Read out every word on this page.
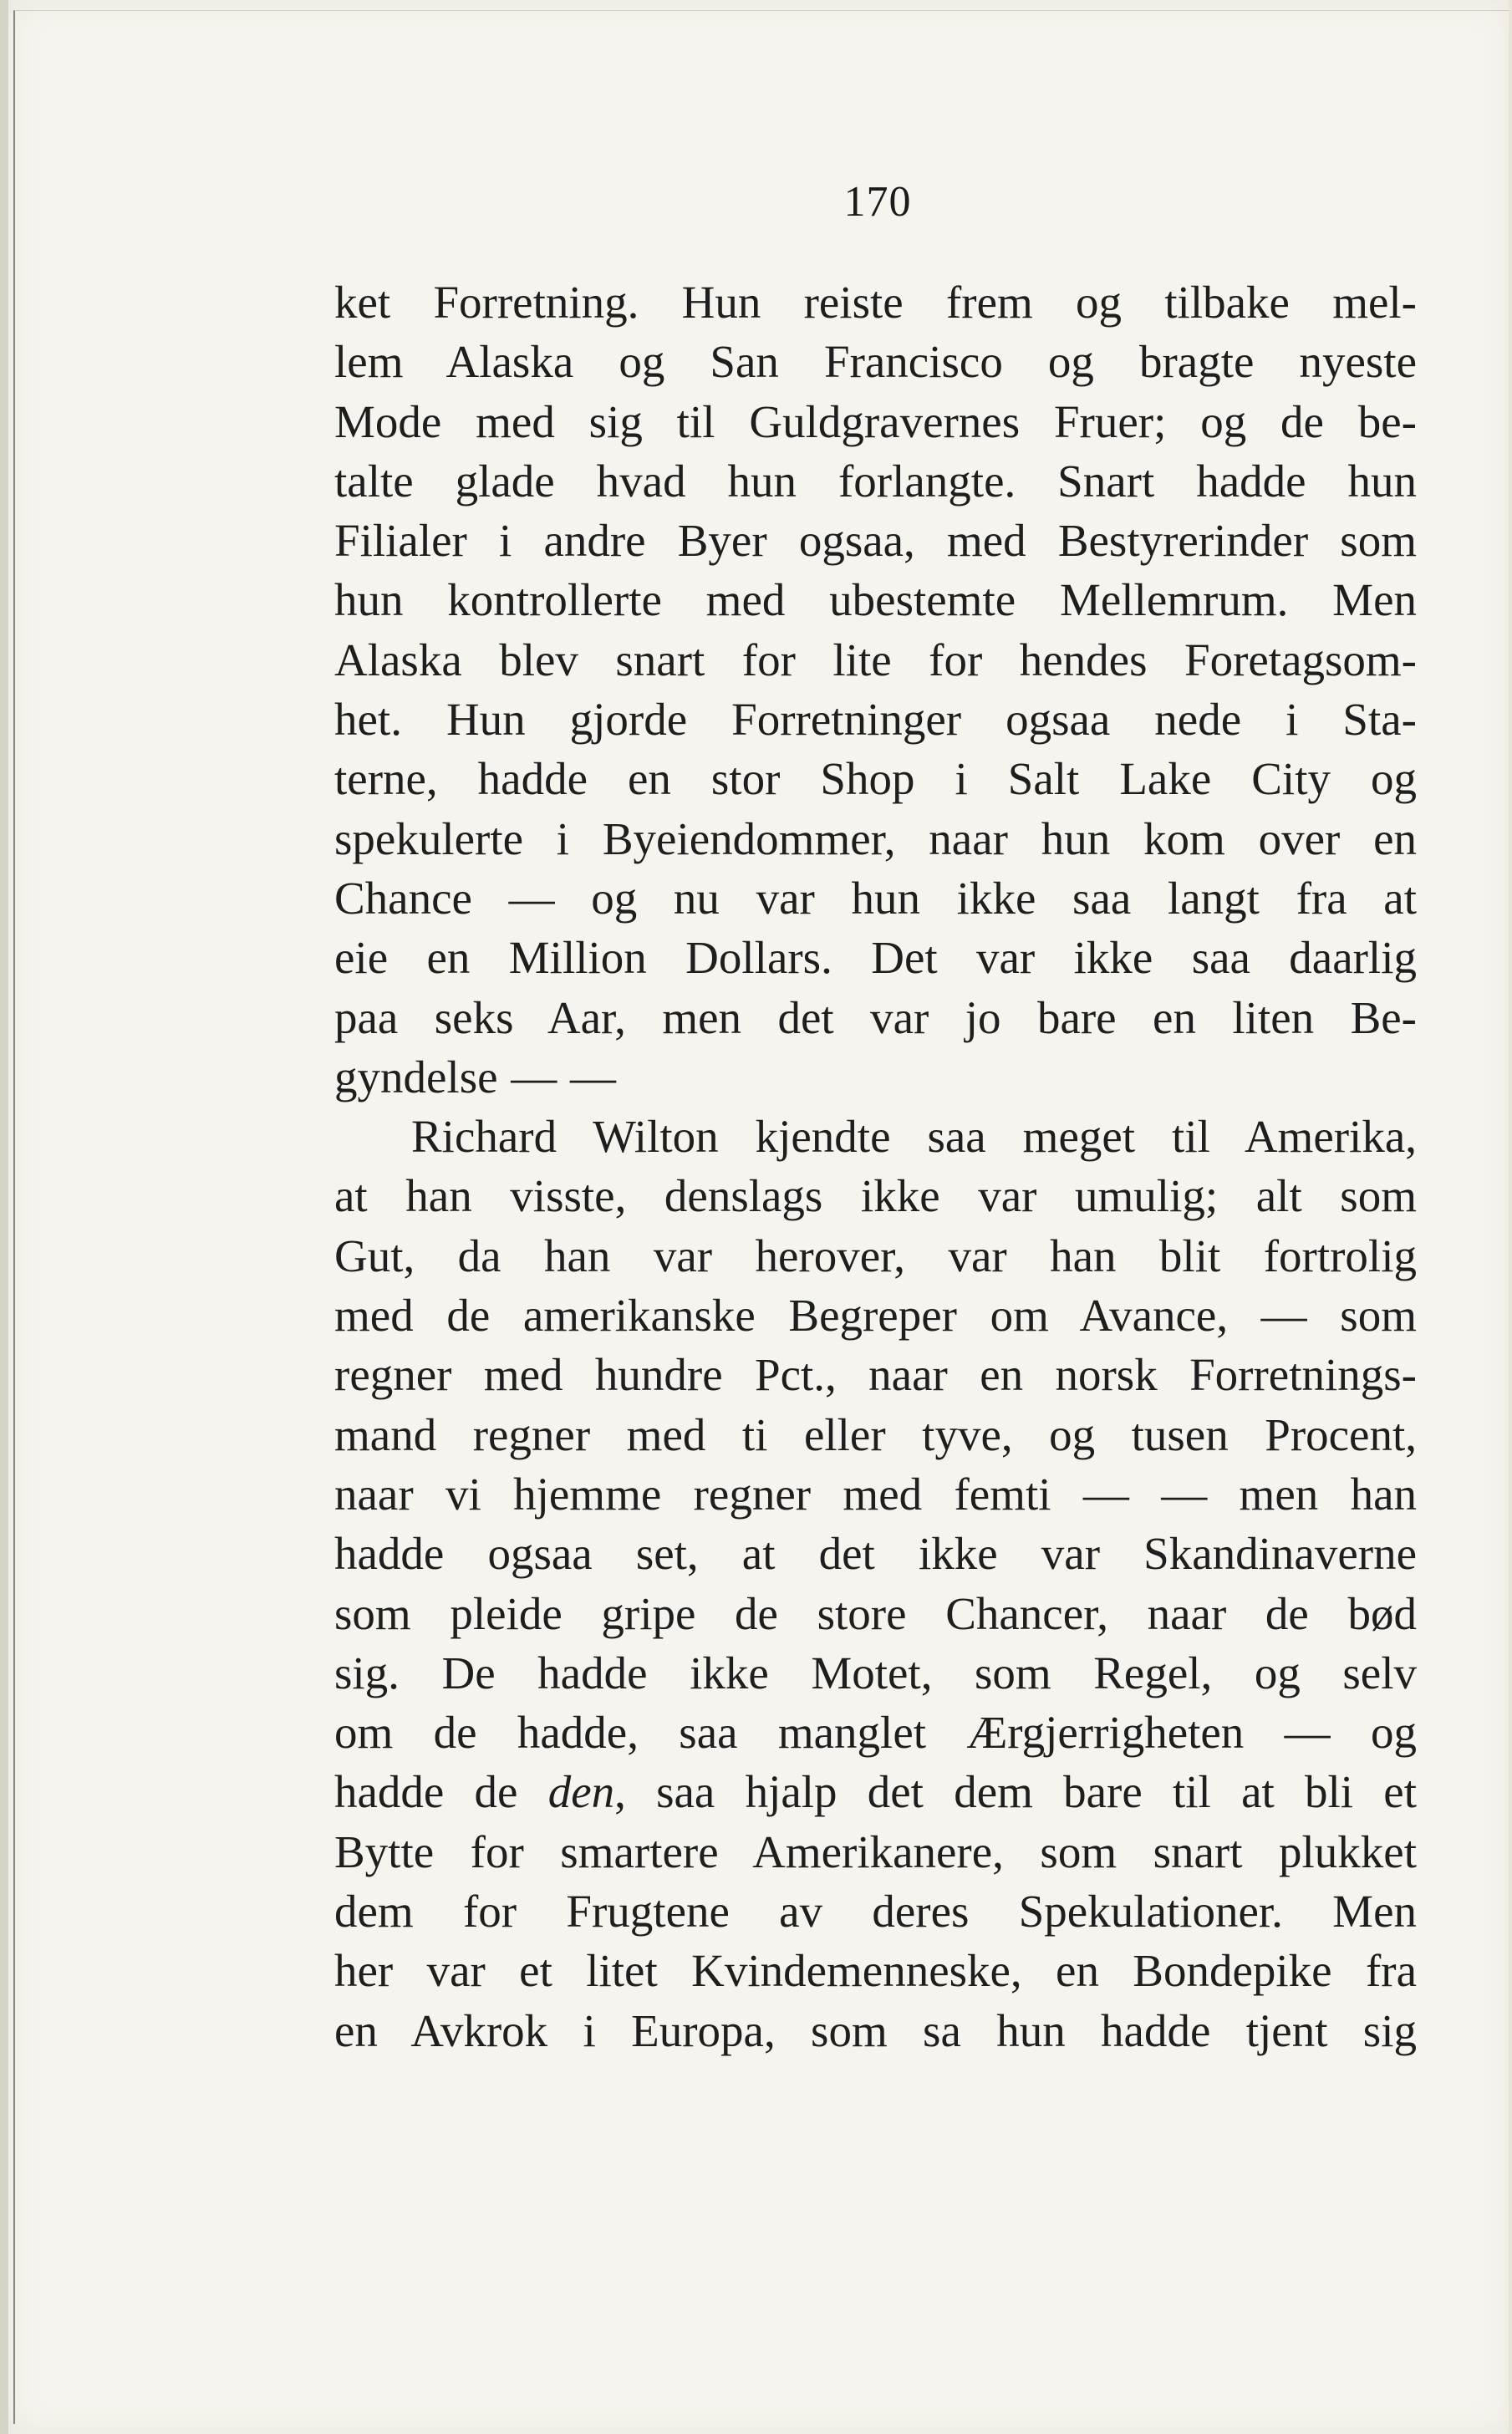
170
ket Forretning. Hun reiste frem og tilbake mel-
lem Alaska og San Francisco og bragte nyeste
Mode med sig til Guldgravernes Fruer; og de be-
talte glade hvad hun forlangte. Snart hadde hun
Filialer i andre Byer ogsaa, med Bestyrerinder som
hun kontrollerte med ubestemte Mellemrum. Men
Alaska blev snart for lite for hendes Foretagsom-
het. Hun gjorde Forretninger ogsaa nede i Sta-
terne, hadde en stor Shop i Salt Lake City og
spekulerte i Byeiendommer, naar hun kom over en
Chance — og nu var hun ikke saa langt fra at
eie en Million Dollars. Det var ikke saa daarlig
paa seks Aar, men det var jo bare en liten Be-
gyndelse — —
Richard Wilton kjendte saa meget til Amerika,
at han visste, denslags ikke var umulig; alt som
Gut, da han var herover, var han blit fortrolig
med de amerikanske Begreper om Avance, — som
regner med hundre Pct., naar en norsk Forretnings-
mand regner med ti eller tyve, og tusen Procent,
naar vi hjemme regner med femti — — men han
hadde ogsaa set, at det ikke var Skandinaverne
som pleide gripe de store Chancer, naar de bød
sig. De hadde ikke Motet, som Regel, og selv
om de hadde, saa manglet Ærgjerrigheten — og
hadde de den, saa hjalp det dem bare til at bli et
Bytte for smartere Amerikanere, som snart plukket
dem for Frugtene av deres Spekulationer. Men
her var et litet Kvindemenneske, en Bondepike fra
en Avkrok i Europa, som sa hun hadde tjent sig
